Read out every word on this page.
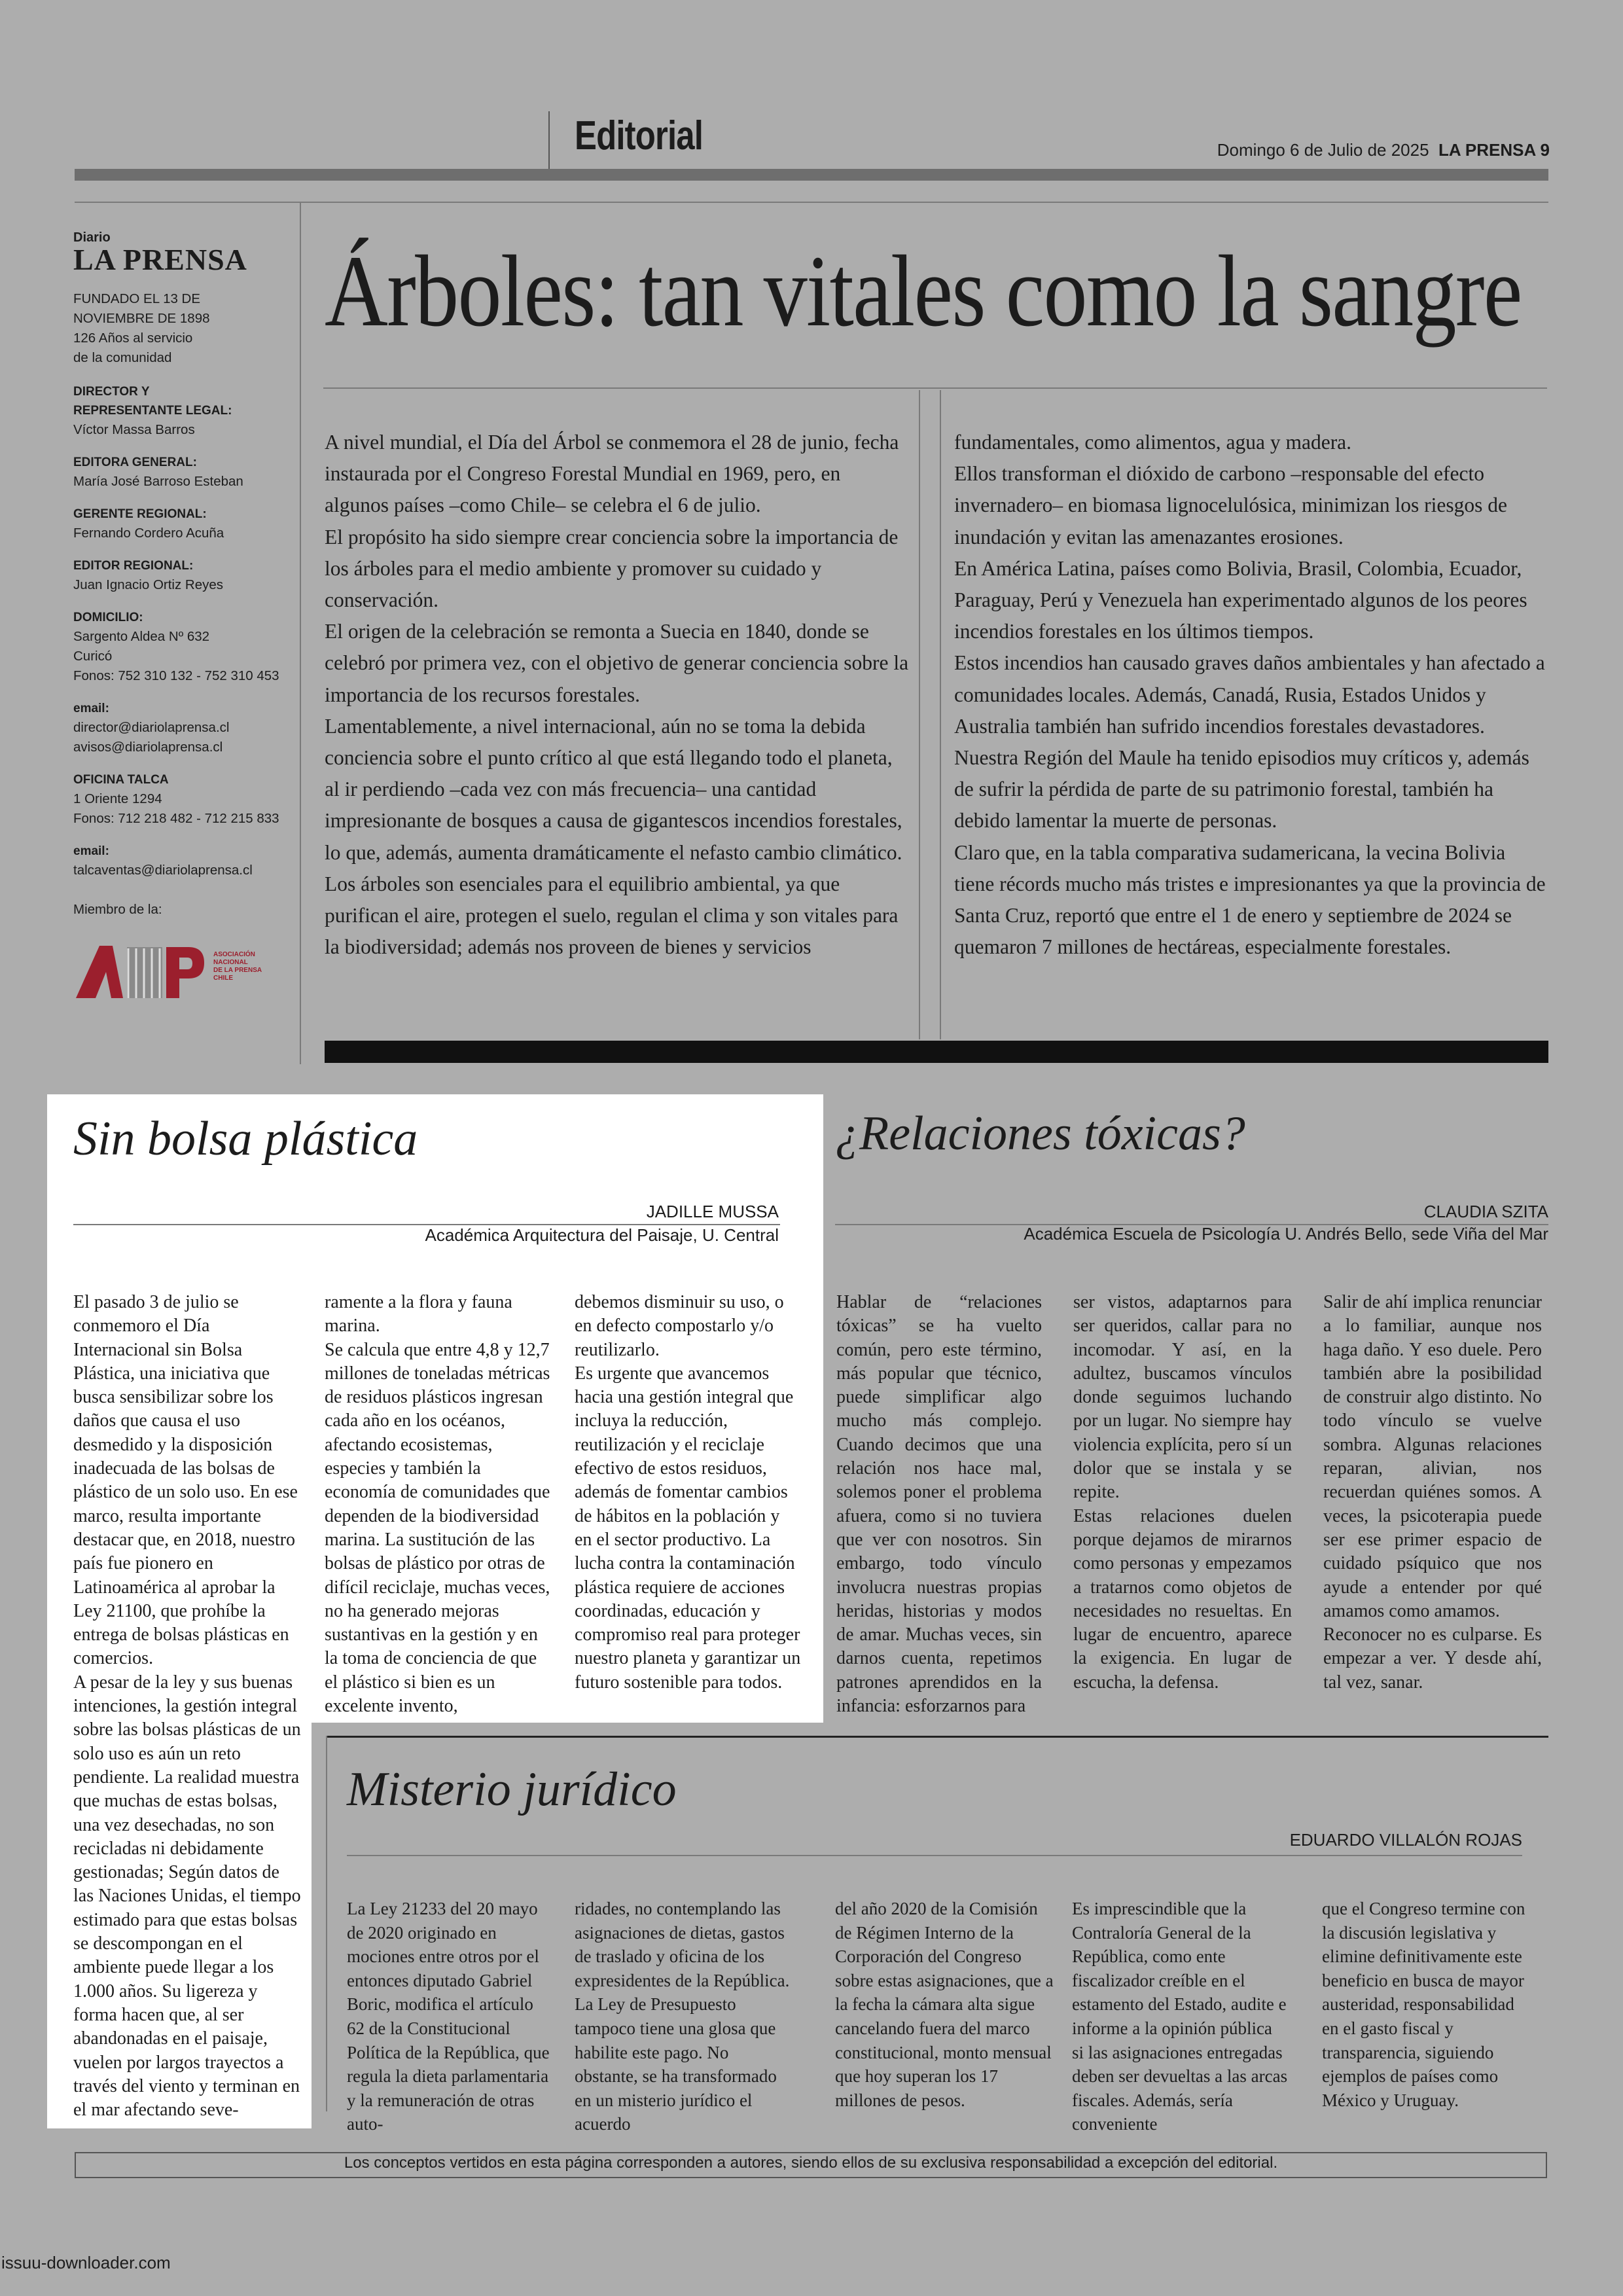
Editorial	Domingo 6 de Julio de 2025 LA PRENSA 9
Diario
LA PRENSA
FUNDADO EL 13 DE
NOVIEMBRE DE 1898
126 Años al servicio
de la comunidad
DIRECTOR Y
REPRESENTANTE LEGAL:
Víctor Massa Barros
EDITORA GENERAL:
María José Barroso Esteban
GERENTE REGIONAL:
Fernando Cordero Acuña
EDITOR REGIONAL:
Juan Ignacio Ortiz Reyes
DOMICILIO:
Sargento Aldea Nº 632
Curicó
Fonos: 752 310 132 - 752 310 453
email:
director@diariolaprensa.cl
avisos@diariolaprensa.cl
OFICINA TALCA
1 Oriente 1294
Fonos: 712 218 482 - 712 215 833
email:
talcaventas@diariolaprensa.cl
Miembro de la:
ASOCIACIÓN
NACIONAL
DE LA PRENSA
CHILE
Árboles: tan vitales como la sangre

A nivel mundial, el Día del Árbol se conmemora el 28 de junio, fecha instaurada por el Congreso Forestal Mundial en 1969, pero, en algunos países –como Chile– se celebra el 6 de julio.

El propósito ha sido siempre crear conciencia sobre la importancia de los árboles para el medio ambiente y promover su cuidado y conservación.

El origen de la celebración se remonta a Suecia en 1840, donde se celebró por primera vez, con el objetivo de generar conciencia sobre la importancia de los recursos forestales.

Lamentablemente, a nivel internacional, aún no se toma la debida conciencia sobre el punto crítico al que está llegando todo el planeta, al ir perdiendo –cada vez con más frecuencia– una cantidad impresionante de bosques a causa de gigantescos incendios forestales, lo que, además, aumenta dramáticamente el nefasto cambio climático.

Los árboles son esenciales para el equilibrio ambiental, ya que purifican el aire, protegen el suelo, regulan el clima y son vitales para la biodiversidad; además nos proveen de bienes y servicios

fundamentales, como alimentos, agua y madera.

Ellos transforman el dióxido de carbono –responsable del efecto invernadero– en biomasa lignocelulósica, minimizan los riesgos de inundación y evitan las amenazantes erosiones.

En América Latina, países como Bolivia, Brasil, Colombia, Ecuador, Paraguay, Perú y Venezuela han experimentado algunos de los peores incendios forestales en los últimos tiempos.

Estos incendios han causado graves daños ambientales y han afectado a comunidades locales. Además, Canadá, Rusia, Estados Unidos y Australia también han sufrido incendios forestales devastadores.

Nuestra Región del Maule ha tenido episodios muy críticos y, además de sufrir la pérdida de parte de su patrimonio forestal, también ha debido lamentar la muerte de personas.

Claro que, en la tabla comparativa sudamericana, la vecina Bolivia tiene récords mucho más tristes e impresionantes ya que la provincia de Santa Cruz, reportó que entre el 1 de enero y septiembre de 2024 se quemaron 7 millones de hectáreas, especialmente forestales.

Sin bolsa plástica
JADILLE MUSSA
Académica Arquitectura del Paisaje, U. Central
El pasado 3 de julio se conmemoro el Día Internacional sin Bolsa Plástica, una iniciativa que busca sensibilizar sobre los daños que causa el uso desmedido y la disposición inadecuada de las bolsas de plástico de un solo uso. En ese marco, resulta importante destacar que, en 2018, nuestro país fue pionero en Latinoamérica al aprobar la Ley 21100, que prohíbe la entrega de bolsas plásticas en comercios.
A pesar de la ley y sus buenas intenciones, la gestión integral sobre las bolsas plásticas de un solo uso es aún un reto pendiente. La realidad muestra que muchas de estas bolsas, una vez desechadas, no son recicladas ni debidamente gestionadas; Según datos de las Naciones Unidas, el tiempo estimado para que estas bolsas se descompongan en el ambiente puede llegar a los 1.000 años. Su ligereza y forma hacen que, al ser abandonadas en el paisaje, vuelen por largos trayectos a través del viento y terminan en el mar afectando seve-
ramente a la flora y fauna marina.
Se calcula que entre 4,8 y 12,7 millones de toneladas métricas de residuos plásticos ingresan cada año en los océanos, afectando ecosistemas, especies y también la economía de comunidades que dependen de la biodiversidad marina. La sustitución de las bolsas de plástico por otras de difícil reciclaje, muchas veces, no ha generado mejoras sustantivas en la gestión y en la toma de conciencia de que el plástico si bien es un excelente invento,
debemos disminuir su uso, o en defecto compostarlo y/o reutilizarlo.
Es urgente que avancemos hacia una gestión integral que incluya la reducción, reutilización y el reciclaje efectivo de estos residuos, además de fomentar cambios de hábitos en la población y en el sector productivo. La lucha contra la contaminación plástica requiere de acciones coordinadas, educación y compromiso real para proteger nuestro planeta y garantizar un futuro sostenible para todos.
¿Relaciones tóxicas?
CLAUDIA SZITA
Académica Escuela de Psicología U. Andrés Bello, sede Viña del Mar
Hablar de “relaciones tóxicas” se ha vuelto común, pero este término, más popular que técnico, puede simplificar algo mucho más complejo. Cuando decimos que una relación nos hace mal, solemos poner el problema afuera, como si no tuviera que ver con nosotros. Sin embargo, todo vínculo involucra nuestras propias heridas, historias y modos de amar. Muchas veces, sin darnos cuenta, repetimos patrones aprendidos en la infancia: esforzarnos para
ser vistos, adaptarnos para ser queridos, callar para no incomodar. Y así, en la adultez, buscamos vínculos donde seguimos luchando por un lugar. No siempre hay violencia explícita, pero sí un dolor que se instala y se repite.
Estas relaciones duelen porque dejamos de mirarnos como personas y empezamos a tratarnos como objetos de necesidades no resueltas. En lugar de encuentro, aparece la exigencia. En lugar de escucha, la defensa.
Salir de ahí implica renunciar a lo familiar, aunque nos haga daño. Y eso duele. Pero también abre la posibilidad de construir algo distinto. No todo vínculo se vuelve sombra. Algunas relaciones reparan, alivian, nos recuerdan quiénes somos. A veces, la psicoterapia puede ser ese primer espacio de cuidado psíquico que nos ayude a entender por qué amamos como amamos.
Reconocer no es culparse. Es empezar a ver. Y desde ahí, tal vez, sanar.
Misterio jurídico
EDUARDO VILLALÓN ROJAS
La Ley 21233 del 20 mayo de 2020 originado en mociones entre otros por el entonces diputado Gabriel Boric, modifica el artículo 62 de la Constitucional Política de la República, que regula la dieta parlamentaria y la remuneración de otras auto-
ridades, no contemplando las asignaciones de dietas, gastos de traslado y oficina de los expresidentes de la República. La Ley de Presupuesto tampoco tiene una glosa que habilite este pago. No obstante, se ha transformado en un misterio jurídico el acuerdo
del año 2020 de la Comisión de Régimen Interno de la Corporación del Congreso sobre estas asignaciones, que a la fecha la cámara alta sigue cancelando fuera del marco constitucional, monto mensual que hoy superan los 17 millones de pesos.
Es imprescindible que la Contraloría General de la República, como ente fiscalizador creíble en el estamento del Estado, audite e informe a la opinión pública si las asignaciones entregadas deben ser devueltas a las arcas fiscales. Además, sería conveniente
que el Congreso termine con la discusión legislativa y elimine definitivamente este beneficio en busca de mayor austeridad, responsabilidad en el gasto fiscal y transparencia, siguiendo ejemplos de países como México y Uruguay.
Los conceptos vertidos en esta página corresponden a autores, siendo ellos de su exclusiva responsabilidad a excepción del editorial.
issuu-downloader.com
